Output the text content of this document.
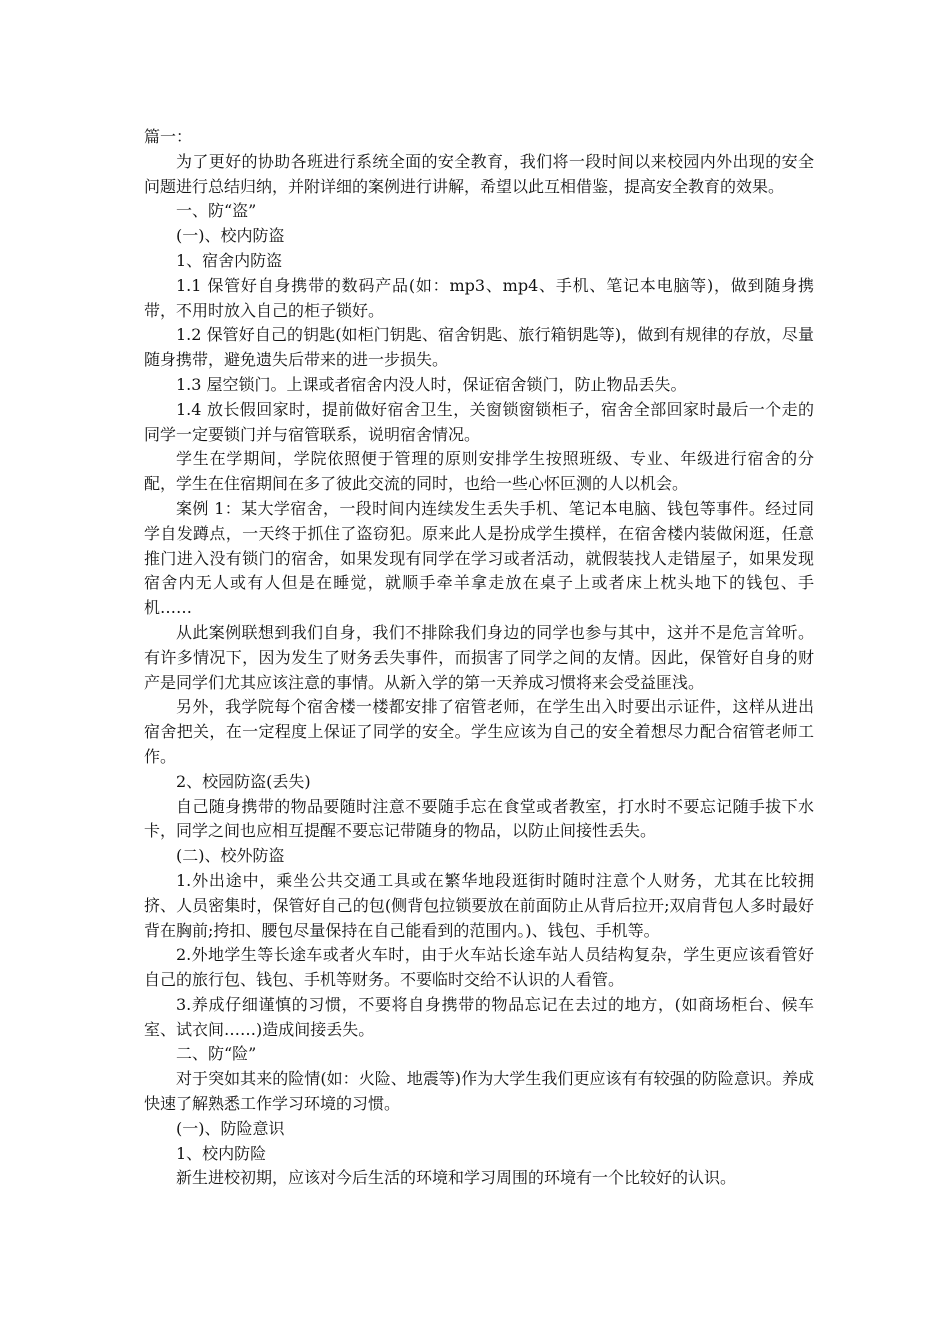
篇一：

为了更好的协助各班进行系统全面的安全教育，我们将一段时间以来校园内外出现的安全问题进行总结归纳，并附详细的案例进行讲解，希望以此互相借鉴，提高安全教育的效果。

一、防“盗”

(一)、校内防盗

1、宿舍内防盗

1.1 保管好自身携带的数码产品(如：mp3、mp4、手机、笔记本电脑等)，做到随身携带，不用时放入自己的柜子锁好。

1.2 保管好自己的钥匙(如柜门钥匙、宿舍钥匙、旅行箱钥匙等)，做到有规律的存放，尽量随身携带，避免遗失后带来的进一步损失。

1.3 屋空锁门。上课或者宿舍内没人时，保证宿舍锁门，防止物品丢失。

1.4 放长假回家时，提前做好宿舍卫生，关窗锁窗锁柜子，宿舍全部回家时最后一个走的同学一定要锁门并与宿管联系，说明宿舍情况。

学生在学期间，学院依照便于管理的原则安排学生按照班级、专业、年级进行宿舍的分配，学生在住宿期间在多了彼此交流的同时，也给一些心怀叵测的人以机会。

案例 1：某大学宿舍，一段时间内连续发生丢失手机、笔记本电脑、钱包等事件。经过同学自发蹲点，一天终于抓住了盗窃犯。原来此人是扮成学生摸样，在宿舍楼内装做闲逛，任意推门进入没有锁门的宿舍，如果发现有同学在学习或者活动，就假装找人走错屋子，如果发现宿舍内无人或有人但是在睡觉，就顺手牵羊拿走放在桌子上或者床上枕头地下的钱包、手机……

从此案例联想到我们自身，我们不排除我们身边的同学也参与其中，这并不是危言耸听。有许多情况下，因为发生了财务丢失事件，而损害了同学之间的友情。因此，保管好自身的财产是同学们尤其应该注意的事情。从新入学的第一天养成习惯将来会受益匪浅。

另外，我学院每个宿舍楼一楼都安排了宿管老师，在学生出入时要出示证件，这样从进出宿舍把关，在一定程度上保证了同学的安全。学生应该为自己的安全着想尽力配合宿管老师工作。

2、校园防盗(丢失)

自己随身携带的物品要随时注意不要随手忘在食堂或者教室，打水时不要忘记随手拔下水卡，同学之间也应相互提醒不要忘记带随身的物品，以防止间接性丢失。

(二)、校外防盗

1.外出途中，乘坐公共交通工具或在繁华地段逛街时随时注意个人财务，尤其在比较拥挤、人员密集时，保管好自己的包(侧背包拉锁要放在前面防止从背后拉开;双肩背包人多时最好背在胸前;挎扣、腰包尽量保持在自己能看到的范围内。)、钱包、手机等。

2.外地学生等长途车或者火车时，由于火车站长途车站人员结构复杂，学生更应该看管好自己的旅行包、钱包、手机等财务。不要临时交给不认识的人看管。

3.养成仔细谨慎的习惯，不要将自身携带的物品忘记在去过的地方，(如商场柜台、候车室、试衣间……)造成间接丢失。

二、防“险”

对于突如其来的险情(如：火险、地震等)作为大学生我们更应该有有较强的防险意识。养成快速了解熟悉工作学习环境的习惯。

(一)、防险意识

1、校内防险

新生进校初期，应该对今后生活的环境和学习周围的环境有一个比较好的认识。
